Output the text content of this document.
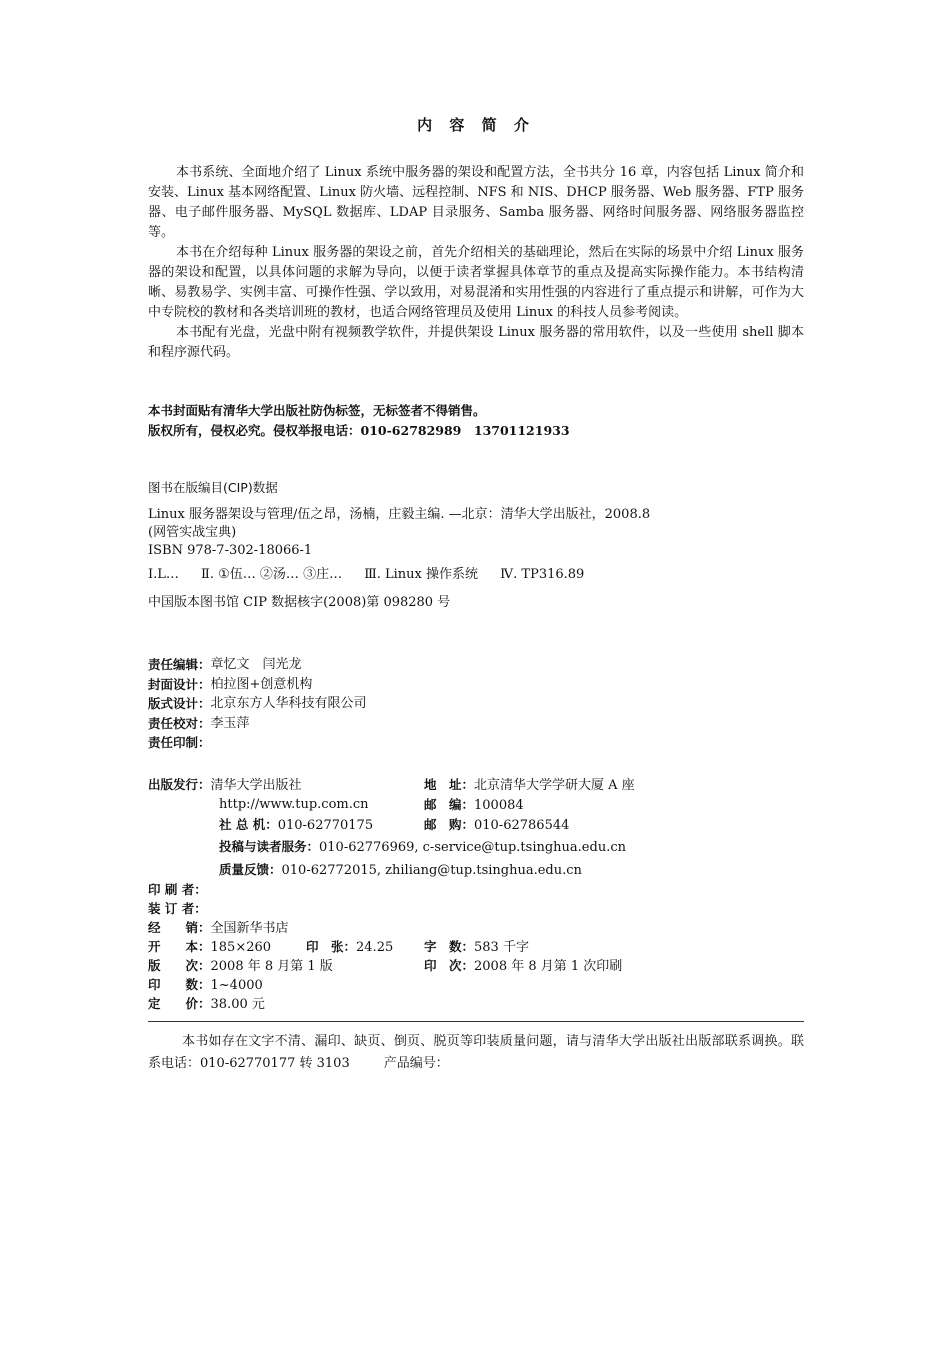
内 容 简 介

本书系统、全面地介绍了 Linux 系统中服务器的架设和配置方法，全书共分 16 章，内容包括 Linux 简介和安装、Linux 基本网络配置、Linux 防火墙、远程控制、NFS 和 NIS、DHCP 服务器、Web 服务器、FTP 服务器、电子邮件服务器、MySQL 数据库、LDAP 目录服务、Samba 服务器、网络时间服务器、网络服务器监控等。

本书在介绍每种 Linux 服务器的架设之前，首先介绍相关的基础理论，然后在实际的场景中介绍 Linux 服务器的架设和配置，以具体问题的求解为导向，以便于读者掌握具体章节的重点及提高实际操作能力。本书结构清晰、易教易学、实例丰富、可操作性强、学以致用，对易混淆和实用性强的内容进行了重点提示和讲解，可作为大中专院校的教材和各类培训班的教材，也适合网络管理员及使用 Linux 的科技人员参考阅读。

本书配有光盘，光盘中附有视频教学软件，并提供架设 Linux 服务器的常用软件，以及一些使用 shell 脚本和程序源代码。

本书封面贴有清华大学出版社防伪标签，无标签者不得销售。
版权所有，侵权必究。侵权举报电话：010-62782989　13701121933
图书在版编目(CIP)数据
Linux 服务器架设与管理/伍之昂，汤楠，庄毅主编. —北京：清华大学出版社，2008.8
(网管实战宝典)
ISBN 978-7-302-18066-1
Ⅰ.L… Ⅱ. ①伍… ②汤… ③庄… Ⅲ. Linux 操作系统 Ⅳ. TP316.89
中国版本图书馆 CIP 数据核字(2008)第 098280 号
责任编辑： 章忆文　闫光龙
封面设计： 柏拉图+创意机构
版式设计： 北京东方人华科技有限公司
责任校对： 李玉萍
责任印制：
出版发行：清华大学出版社	地　址：北京清华大学学研大厦 A 座
http://www.tup.com.cn	邮　编：100084
社 总 机：010-62770175	邮　购：010-62786544
投稿与读者服务：010-62776969, c-service@tup.tsinghua.edu.cn
质量反馈：010-62772015, zhiliang@tup.tsinghua.edu.cn
印 刷 者：
装 订 者：
经　　销：全国新华书店
开　　本：185×260	印　张：24.25	字　数：583 千字
版　　次：2008 年 8 月第 1 版	印　次：2008 年 8 月第 1 次印刷
印　　数：1~4000
定　　价：38.00 元

本书如存在文字不清、漏印、缺页、倒页、脱页等印装质量问题，请与清华大学出版社出版部联系调换。联系电话：010-62770177 转 3103	产品编号：
